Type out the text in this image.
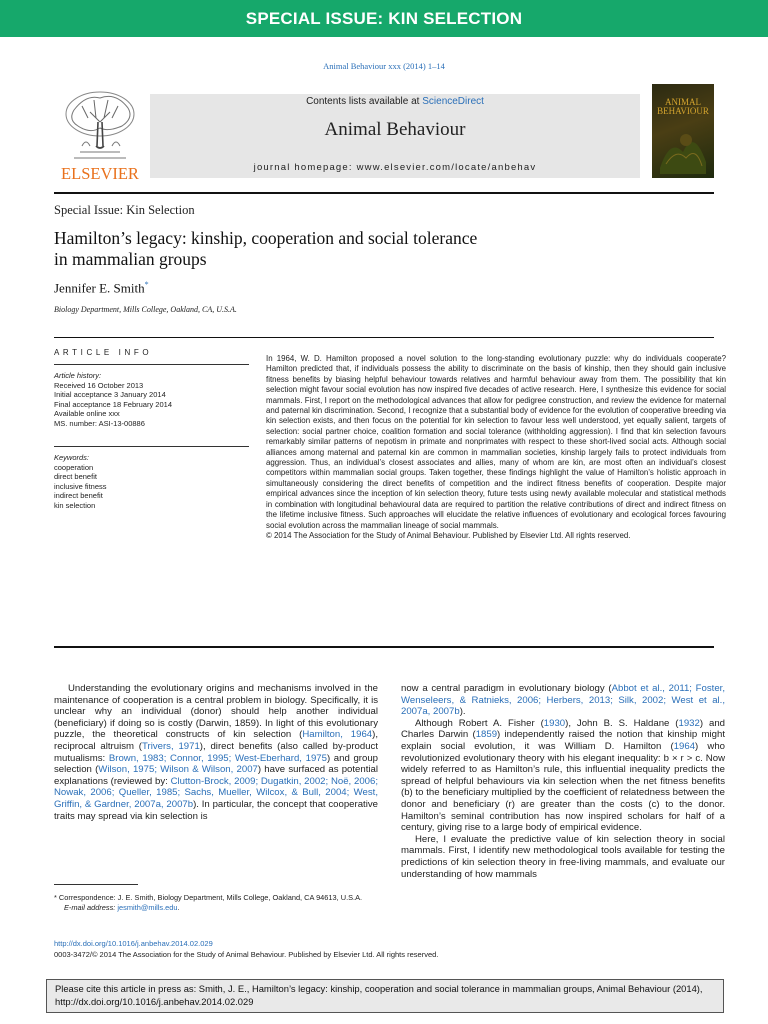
SPECIAL ISSUE: KIN SELECTION
Animal Behaviour xxx (2014) 1–14
ELSEVIER
Contents lists available at ScienceDirect
Animal Behaviour
journal homepage: www.elsevier.com/locate/anbehav
ANIMAL
BEHAVIOUR
Special Issue: Kin Selection
Hamilton’s legacy: kinship, cooperation and social tolerance
in mammalian groups
Jennifer E. Smith*
Biology Department, Mills College, Oakland, CA, U.S.A.
ARTICLE INFO
Article history:
Received 16 October 2013
Initial acceptance 3 January 2014
Final acceptance 18 February 2014
Available online xxx
MS. number: ASI-13-00886
Keywords:
cooperation
direct benefit
inclusive fitness
indirect benefit
kin selection
In 1964, W. D. Hamilton proposed a novel solution to the long-standing evolutionary puzzle: why do individuals cooperate? Hamilton predicted that, if individuals possess the ability to discriminate on the basis of kinship, then they should gain inclusive fitness benefits by biasing helpful behaviour towards relatives and harmful behaviour away from them. The possibility that kin selection might favour social evolution has now inspired five decades of active research. Here, I synthesize this evidence for social mammals. First, I report on the methodological advances that allow for pedigree construction, and review the evidence for maternal and paternal kin discrimination. Second, I recognize that a substantial body of evidence for the evolution of cooperative breeding via kin selection exists, and then focus on the potential for kin selection to favour less well understood, yet equally salient, targets of selection: social partner choice, coalition formation and social tolerance (withholding aggression). I find that kin selection favours remarkably similar patterns of nepotism in primate and nonprimates with respect to these short-lived social acts. Although social alliances among maternal and paternal kin are common in mammalian societies, kinship largely fails to protect individuals from aggression. Thus, an individual’s closest associates and allies, many of whom are kin, are most often an individual’s closest competitors within mammalian social groups. Taken together, these findings highlight the value of Hamilton’s holistic approach in simultaneously considering the direct benefits of competition and the indirect fitness benefits of cooperation. Despite major empirical advances since the inception of kin selection theory, future tests using newly available molecular and statistical methods in combination with longitudinal behavioural data are required to partition the relative contributions of direct and indirect fitness on the lifetime inclusive fitness. Such approaches will elucidate the relative influences of evolutionary and ecological forces favouring social evolution across the mammalian lineage of social mammals.
© 2014 The Association for the Study of Animal Behaviour. Published by Elsevier Ltd. All rights reserved.

Understanding the evolutionary origins and mechanisms involved in the maintenance of cooperation is a central problem in biology. Specifically, it is unclear why an individual (donor) should help another individual (beneficiary) if doing so is costly (Darwin, 1859). In light of this evolutionary puzzle, the theoretical constructs of kin selection (Hamilton, 1964), reciprocal altruism (Trivers, 1971), direct benefits (also called by-product mutualisms: Brown, 1983; Connor, 1995; West-Eberhard, 1975) and group selection (Wilson, 1975; Wilson & Wilson, 2007) have surfaced as potential explanations (reviewed by: Clutton-Brock, 2009; Dugatkin, 2002; Noë, 2006; Nowak, 2006; Queller, 1985; Sachs, Mueller, Wilcox, & Bull, 2004; West, Griffin, & Gardner, 2007a, 2007b). In particular, the concept that cooperative traits may spread via kin selection is

now a central paradigm in evolutionary biology (Abbot et al., 2011; Foster, Wenseleers, & Ratnieks, 2006; Herbers, 2013; Silk, 2002; West et al., 2007a, 2007b).

Although Robert A. Fisher (1930), John B. S. Haldane (1932) and Charles Darwin (1859) independently raised the notion that kinship might explain social evolution, it was William D. Hamilton (1964) who revolutionized evolutionary theory with his elegant inequality: b × r > c. Now widely referred to as Hamilton’s rule, this influential inequality predicts the spread of helpful behaviours via kin selection when the net fitness benefits (b) to the beneficiary multiplied by the coefficient of relatedness between the donor and beneficiary (r) are greater than the costs (c) to the donor. Hamilton’s seminal contribution has now inspired scholars for half of a century, giving rise to a large body of empirical evidence.

Here, I evaluate the predictive value of kin selection theory in social mammals. First, I identify new methodological tools available for testing the predictions of kin selection theory in free-living mammals, and evaluate our understanding of how mammals

* Correspondence: J. E. Smith, Biology Department, Mills College, Oakland, CA 94613, U.S.A.
E-mail address: jesmith@mills.edu.
http://dx.doi.org/10.1016/j.anbehav.2014.02.029
0003-3472/© 2014 The Association for the Study of Animal Behaviour. Published by Elsevier Ltd. All rights reserved.
Please cite this article in press as: Smith, J. E., Hamilton’s legacy: kinship, cooperation and social tolerance in mammalian groups, Animal Behaviour (2014), http://dx.doi.org/10.1016/j.anbehav.2014.02.029
